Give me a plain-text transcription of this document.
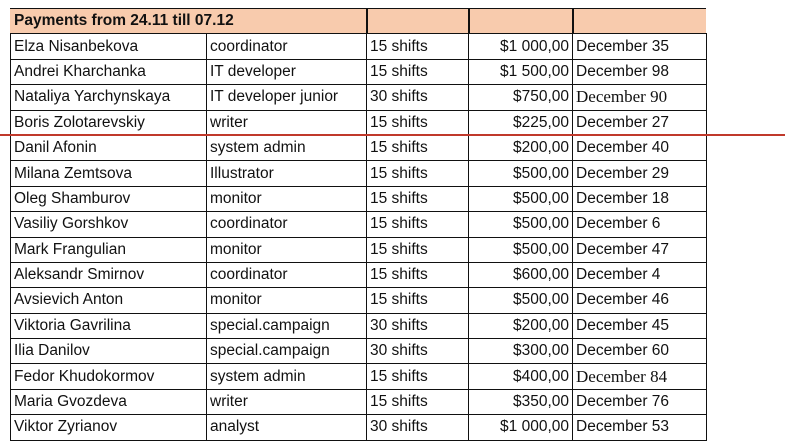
Payments from 24.11 till 07.12				
Elza Nisanbekova	coordinator	15 shifts	$1 000,00	December 35
Andrei Kharchanka	IT developer	15 shifts	$1 500,00	December 98
Nataliya Yarchynskaya	IT developer junior	30 shifts	$750,00	December 90
Boris Zolotarevskiy	writer	15 shifts	$225,00	December 27
Danil Afonin	system admin	15 shifts	$200,00	December 40
Milana Zemtsova	Illustrator	15 shifts	$500,00	December 29
Oleg Shamburov	monitor	15 shifts	$500,00	December 18
Vasiliy Gorshkov	coordinator	15 shifts	$500,00	December 6
Mark Frangulian	monitor	15 shifts	$500,00	December 47
Aleksandr Smirnov	coordinator	15 shifts	$600,00	December 4
Avsievich Anton	monitor	15 shifts	$500,00	December 46
Viktoria Gavrilina	special.campaign	30 shifts	$200,00	December 45
Ilia Danilov	special.campaign	30 shifts	$300,00	December 60
Fedor Khudokormov	system admin	15 shifts	$400,00	December 84
Maria Gvozdeva	writer	15 shifts	$350,00	December 76
Viktor Zyrianov	analyst	30 shifts	$1 000,00	December 53
